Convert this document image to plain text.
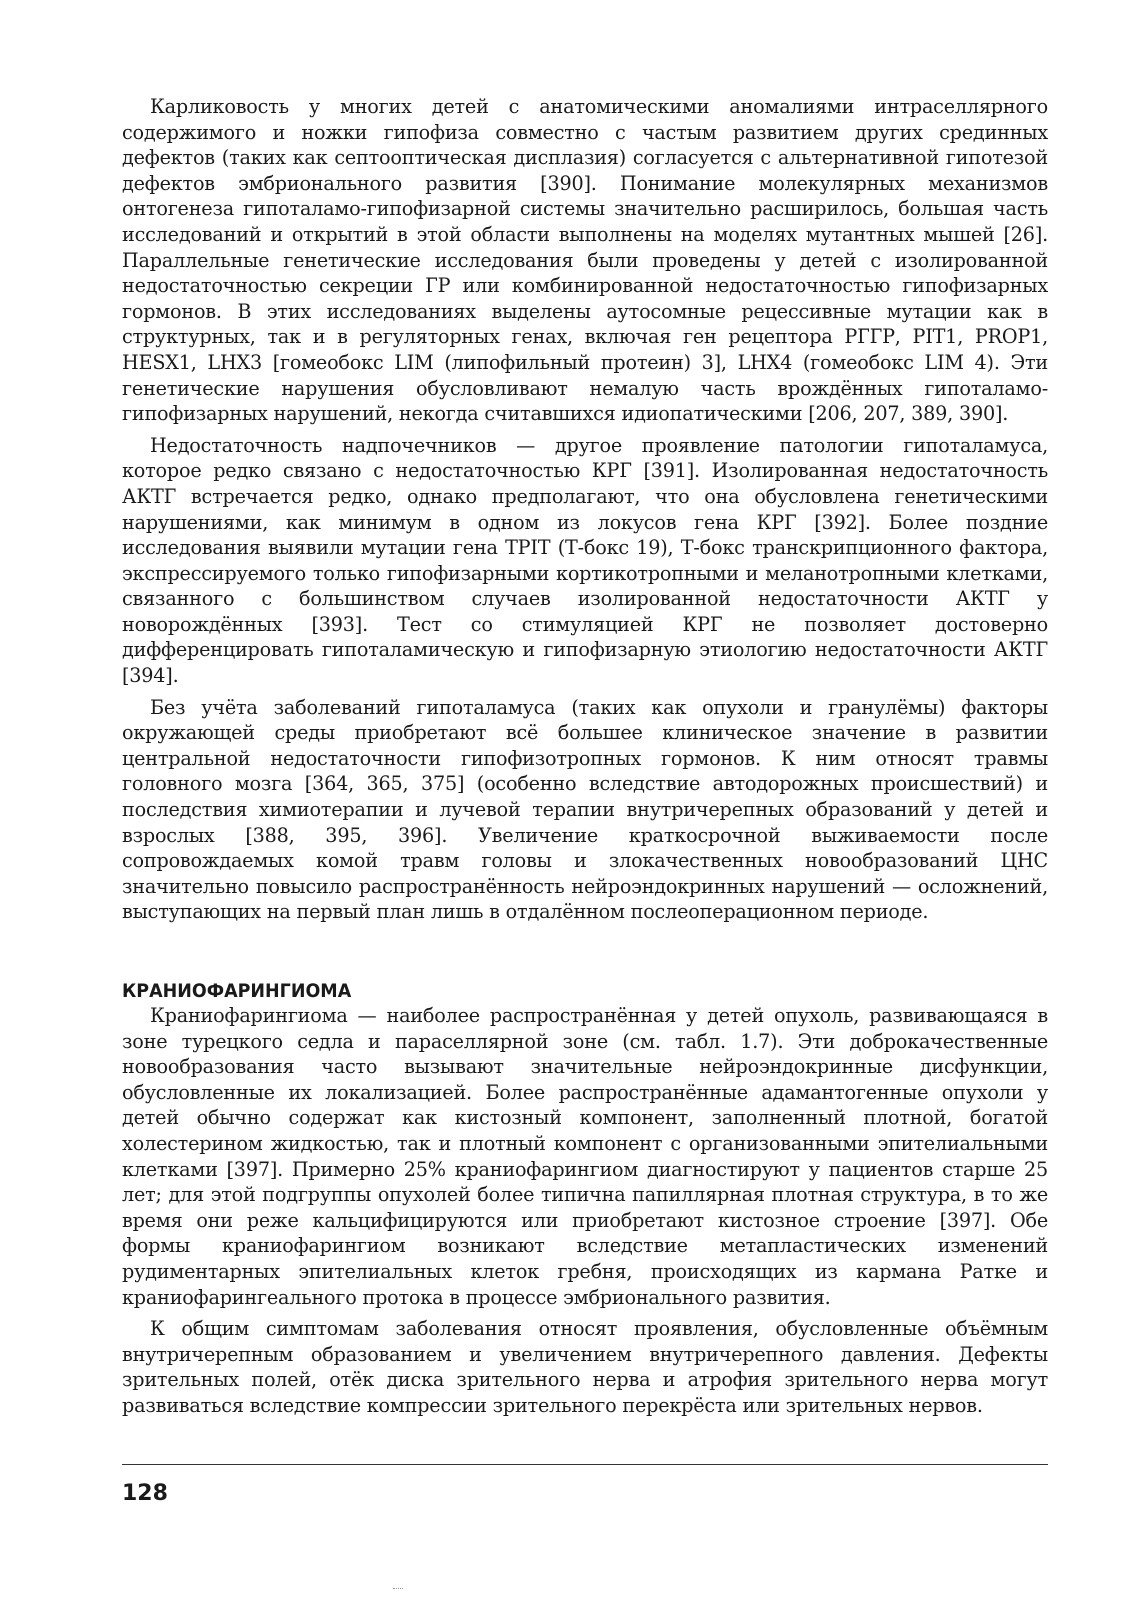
Карликовость у многих детей с анатомическими аномалиями интраселлярного содержимого и ножки гипофиза совместно с частым развитием других срединных дефектов (таких как септооптическая дисплазия) согласуется с альтернативной гипотезой дефектов эмбрионального развития [390]. Понимание молекулярных механизмов онтогенеза гипоталамо-гипофизарной системы значительно расширилось, большая часть исследований и открытий в этой области выполнены на моделях мутантных мышей [26]. Параллельные генетические исследования были проведены у детей с изолированной недостаточностью секреции ГР или комбинированной недостаточностью гипофизарных гормонов. В этих исследованиях выделены аутосомные рецессивные мутации как в структурных, так и в регуляторных генах, включая ген рецептора РГГР, PIT1, PROP1, HESX1, LHX3 [гомеобокс LIM (липофильный протеин) 3], LHX4 (гомеобокс LIM 4). Эти генетические нарушения обусловливают немалую часть врождённых гипоталамо-гипофизарных нарушений, некогда считавшихся идиопатическими [206, 207, 389, 390].

Недостаточность надпочечников — другое проявление патологии гипоталамуса, которое редко связано с недостаточностью КРГ [391]. Изолированная недостаточность АКТГ встречается редко, однако предполагают, что она обусловлена генетическими нарушениями, как минимум в одном из локусов гена КРГ [392]. Более поздние исследования выявили мутации гена TPIT (Т-бокс 19), Т-бокс транскрипционного фактора, экспрессируемого только гипофизарными кортикотропными и меланотропными клетками, связанного с большинством случаев изолированной недостаточности АКТГ у новорождённых [393]. Тест со стимуляцией КРГ не позволяет достоверно дифференцировать гипоталамическую и гипофизарную этиологию недостаточности АКТГ [394].

Без учёта заболеваний гипоталамуса (таких как опухоли и гранулёмы) факторы окружающей среды приобретают всё большее клиническое значение в развитии центральной недостаточности гипофизотропных гормонов. К ним относят травмы головного мозга [364, 365, 375] (особенно вследствие автодорожных происшествий) и последствия химиотерапии и лучевой терапии внутричерепных образований у детей и взрослых [388, 395, 396]. Увеличение краткосрочной выживаемости после сопровождаемых комой травм головы и злокачественных новообразований ЦНС значительно повысило распространённость нейроэндокринных нарушений — осложнений, выступающих на первый план лишь в отдалённом послеоперационном периоде.

КРАНИОФАРИНГИОМА

Краниофарингиома — наиболее распространённая у детей опухоль, развивающаяся в зоне турецкого седла и параселлярной зоне (см. табл. 1.7). Эти доброкачественные новообразования часто вызывают значительные нейроэндокринные дисфункции, обусловленные их локализацией. Более распространённые адамантогенные опухоли у детей обычно содержат как кистозный компонент, заполненный плотной, богатой холестерином жидкостью, так и плотный компонент с организованными эпителиальными клетками [397]. Примерно 25% краниофарингиом диагностируют у пациентов старше 25 лет; для этой подгруппы опухолей более типична папиллярная плотная структура, в то же время они реже кальцифицируются или приобретают кистозное строение [397]. Обе формы краниофарингиом возникают вследствие метапластических изменений рудиментарных эпителиальных клеток гребня, происходящих из кармана Ратке и краниофарингеального протока в процессе эмбрионального развития.

К общим симптомам заболевания относят проявления, обусловленные объёмным внутричерепным образованием и увеличением внутричерепного давления. Дефекты зрительных полей, отёк диска зрительного нерва и атрофия зрительного нерва могут развиваться вследствие компрессии зрительного перекрёста или зрительных нервов.

128
